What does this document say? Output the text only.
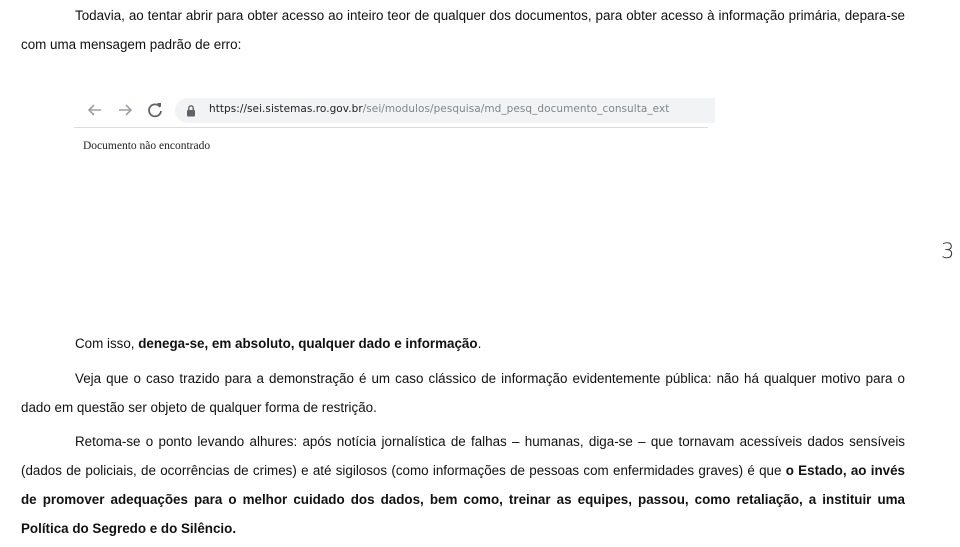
Todavia, ao tentar abrir para obter acesso ao inteiro teor de qualquer dos documentos, para obter acesso à informação primária, depara-se com uma mensagem padrão de erro:

https://sei.sistemas.ro.gov.br/sei/modulos/pesquisa/md_pesq_documento_consulta_ext
Documento não encontrado
3

Com isso, denega-se, em absoluto, qualquer dado e informação.

Veja que o caso trazido para a demonstração é um caso clássico de informação evidentemente pública: não há qualquer motivo para o dado em questão ser objeto de qualquer forma de restrição.

Retoma-se o ponto levando alhures: após notícia jornalística de falhas – humanas, diga-se – que tornavam acessíveis dados sensíveis (dados de policiais, de ocorrências de crimes) e até sigilosos (como informações de pessoas com enfermidades graves) é que o Estado, ao invés de promover adequações para o melhor cuidado dos dados, bem como, treinar as equipes, passou, como retaliação, a instituir uma Política do Segredo e do Silêncio.
